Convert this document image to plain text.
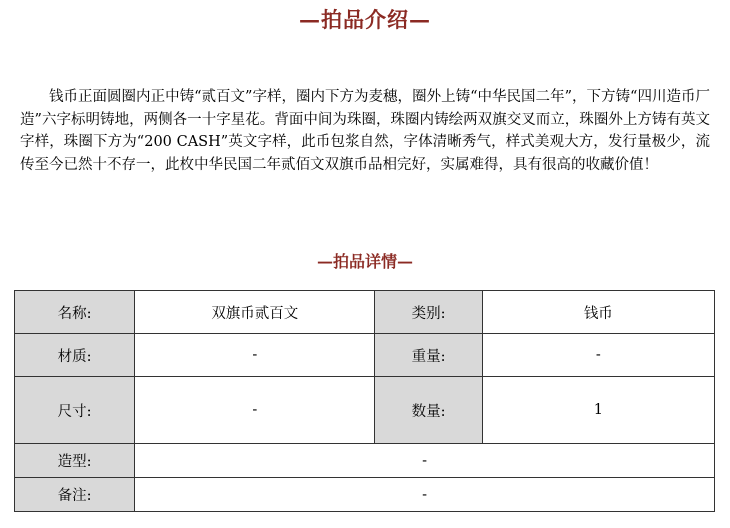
—拍品介绍—

钱币正面圆圈内正中铸“贰百文”字样，圈内下方为麦穗，圈外上铸“中华民国二年”，下方铸“四川造币厂造”六字标明铸地，两侧各一十字星花。背面中间为珠圈，珠圈内铸绘两双旗交叉而立，珠圈外上方铸有英文字样，珠圈下方为“200 CASH”英文字样，此币包浆自然，字体清晰秀气，样式美观大方，发行量极少，流传至今已然十不存一，此枚中华民国二年贰佰文双旗币品相完好，实属难得，具有很高的收藏价值！

—拍品详情—
名称:	双旗币贰百文	类别:	钱币
材质:	-	重量:	-
尺寸:	-	数量:	1
造型:	-		
备注:	-		
